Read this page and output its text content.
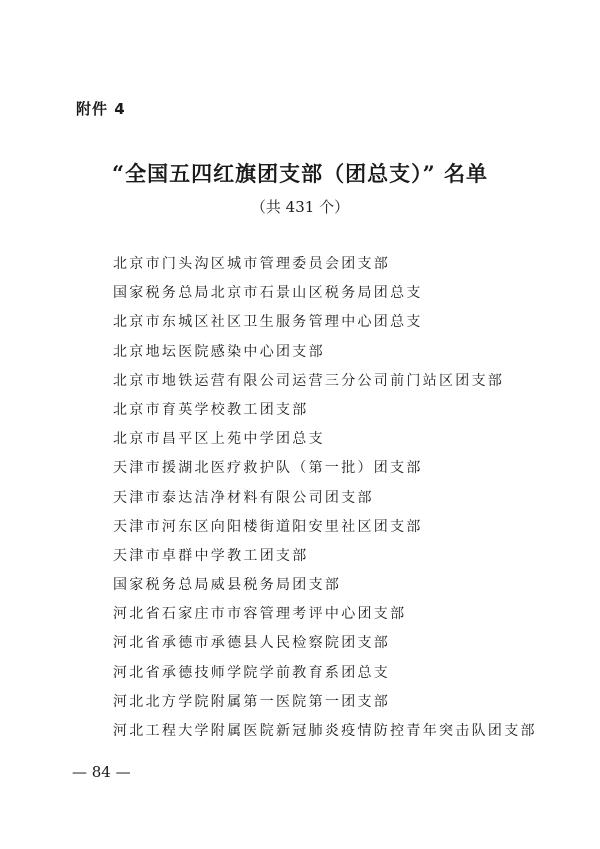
附件 4
“全国五四红旗团支部（团总支）” 名单
（共 431 个）
北京市门头沟区城市管理委员会团支部
国家税务总局北京市石景山区税务局团总支
北京市东城区社区卫生服务管理中心团总支
北京地坛医院感染中心团支部
北京市地铁运营有限公司运营三分公司前门站区团支部
北京市育英学校教工团支部
北京市昌平区上苑中学团总支
天津市援湖北医疗救护队（第一批）团支部
天津市泰达洁净材料有限公司团支部
天津市河东区向阳楼街道阳安里社区团支部
天津市卓群中学教工团支部
国家税务总局威县税务局团支部
河北省石家庄市市容管理考评中心团支部
河北省承德市承德县人民检察院团支部
河北省承德技师学院学前教育系团总支
河北北方学院附属第一医院第一团支部
河北工程大学附属医院新冠肺炎疫情防控青年突击队团支部
— 84 —
